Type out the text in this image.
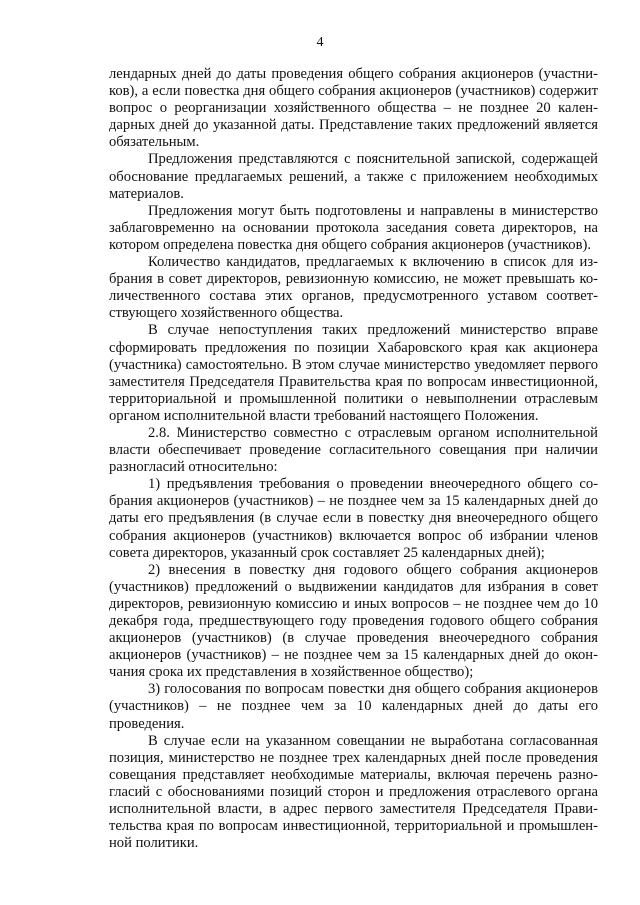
4

лендарных дней до даты проведения общего собрания акционеров (участников), а если повестка дня общего собрания акционеров (участников) содержит вопрос о реорганизации хозяйственного общества – не позднее 20 календарных дней до указанной даты. Представление таких предложений является обязательным.

Предложения представляются с пояснительной запиской, содержащей обоснование предлагаемых решений, а также с приложением необходимых материалов.

Предложения могут быть подготовлены и направлены в министерство заблаговременно на основании протокола заседания совета директоров, на котором определена повестка дня общего собрания акционеров (участников).

Количество кандидатов, предлагаемых к включению в список для избрания в совет директоров, ревизионную комиссию, не может превышать количественного состава этих органов, предусмотренного уставом соответствующего хозяйственного общества.

В случае непоступления таких предложений министерство вправе сформировать предложения по позиции Хабаровского края как акционера (участника) самостоятельно. В этом случае министерство уведомляет первого заместителя Председателя Правительства края по вопросам инвестиционной, территориальной и промышленной политики о невыполнении отраслевым органом исполнительной власти требований настоящего Положения.

2.8. Министерство совместно с отраслевым органом исполнительной власти обеспечивает проведение согласительного совещания при наличии разногласий относительно:

1) предъявления требования о проведении внеочередного общего собрания акционеров (участников) – не позднее чем за 15 календарных дней до даты его предъявления (в случае если в повестку дня внеочередного общего собрания акционеров (участников) включается вопрос об избрании членов совета директоров, указанный срок составляет 25 календарных дней);

2) внесения в повестку дня годового общего собрания акционеров (участников) предложений о выдвижении кандидатов для избрания в совет директоров, ревизионную комиссию и иных вопросов – не позднее чем до 10 декабря года, предшествующего году проведения годового общего собрания акционеров (участников) (в случае проведения внеочередного собрания акционеров (участников) – не позднее чем за 15 календарных дней до окончания срока их представления в хозяйственное общество);

3) голосования по вопросам повестки дня общего собрания акционеров (участников) – не позднее чем за 10 календарных дней до даты его проведения.

В случае если на указанном совещании не выработана согласованная позиция, министерство не позднее трех календарных дней после проведения совещания представляет необходимые материалы, включая перечень разногласий с обоснованиями позиций сторон и предложения отраслевого органа исполнительной власти, в адрес первого заместителя Председателя Правительства края по вопросам инвестиционной, территориальной и промышленной политики.
